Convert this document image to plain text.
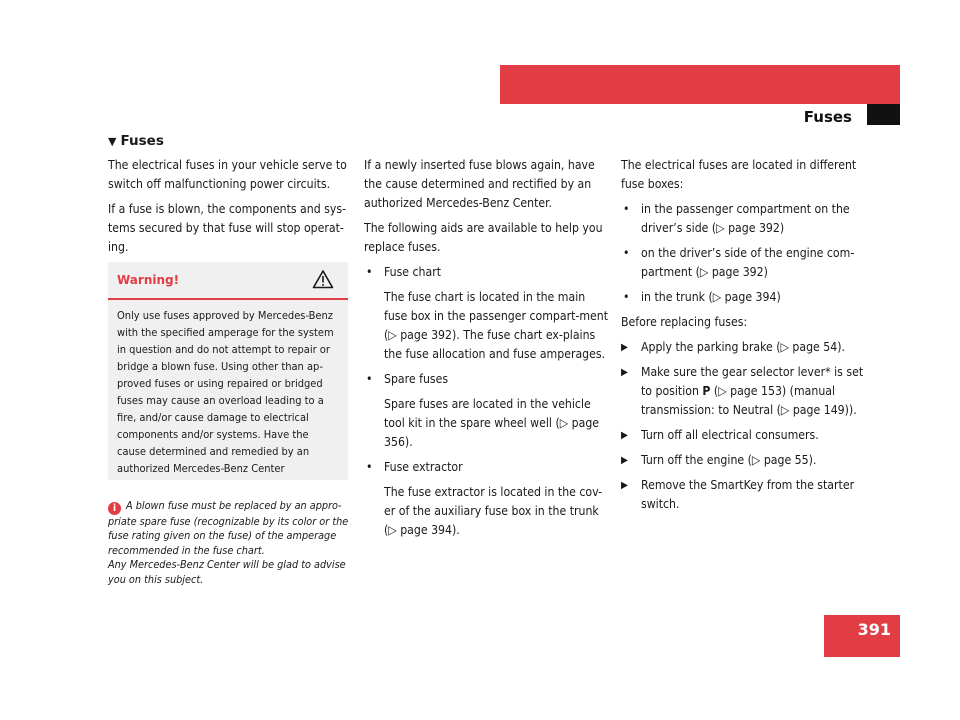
Practical hints
Fuses
▼ Fuses

The electrical fuses in your vehicle serve to switch off malfunctioning power circuits.

If a fuse is blown, the components and sys-tems secured by that fuse will stop operat-ing.

Warning!
Only use fuses approved by Mercedes-Benz with the specified amperage for the system in question and do not attempt to repair or bridge a blown fuse. Using other than ap-proved fuses or using repaired or bridged fuses may cause an overload leading to a fire, and/or cause damage to electrical components and/or systems. Have the cause determined and remedied by an authorized Mercedes-Benz Center
i A blown fuse must be replaced by an appro-priate spare fuse (recognizable by its color or the fuse rating given on the fuse) of the amperage recommended in the fuse chart.
Any Mercedes-Benz Center will be glad to advise you on this subject.

If a newly inserted fuse blows again, have the cause determined and rectified by an authorized Mercedes-Benz Center.

The following aids are available to help you replace fuses.

• Fuse chart

The fuse chart is located in the main fuse box in the passenger compart-ment (▷ page 392). The fuse chart ex-plains the fuse allocation and fuse amperages.

• Spare fuses

Spare fuses are located in the vehicle tool kit in the spare wheel well (▷ page 356).

• Fuse extractor

The fuse extractor is located in the cov-er of the auxiliary fuse box in the trunk (▷ page 394).

The electrical fuses are located in different fuse boxes:

• in the passenger compartment on the driver’s side (▷ page 392)
• on the driver’s side of the engine com-partment (▷ page 392)
• in the trunk (▷ page 394)

Before replacing fuses:

▶ Apply the parking brake (▷ page 54).
▶ Make sure the gear selector lever* is set to position P (▷ page 153) (manual transmission: to Neutral (▷ page 149)).
▶ Turn off all electrical consumers.
▶ Turn off the engine (▷ page 55).
▶ Remove the SmartKey from the starter switch.
391
